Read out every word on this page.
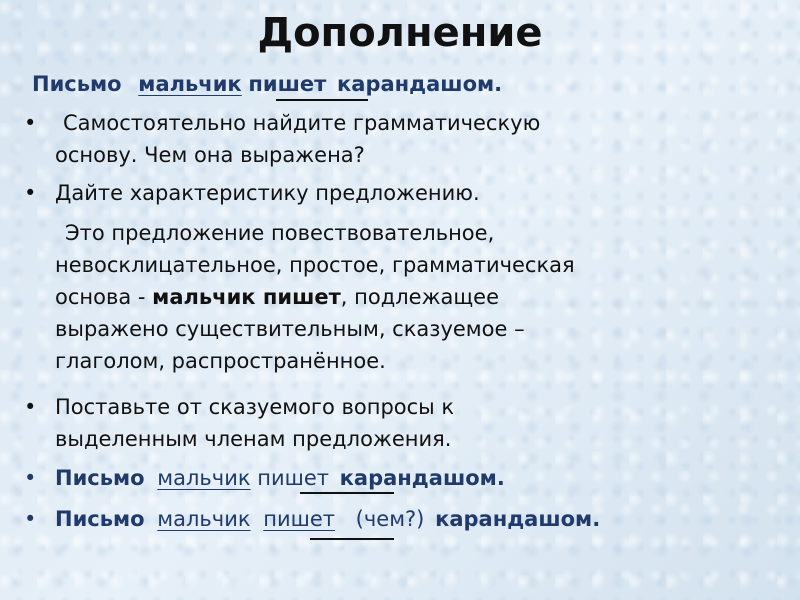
Дополнение
Письмо мальчик пишет карандашом.
•	Самостоятельно найдите грамматическую
основу. Чем она выражена?
• Дайте характеристику предложению.
Это предложение повествовательное,
невосклицательное, простое, грамматическая
основа - мальчик пишет, подлежащее
выражено существительным, сказуемое –
глаголом, распространённое.
• Поставьте от сказуемого вопросы к
выделенным членам предложения.
• Письмо мальчик пишет карандашом.
• Письмо мальчик пишет (чем?) карандашом.
